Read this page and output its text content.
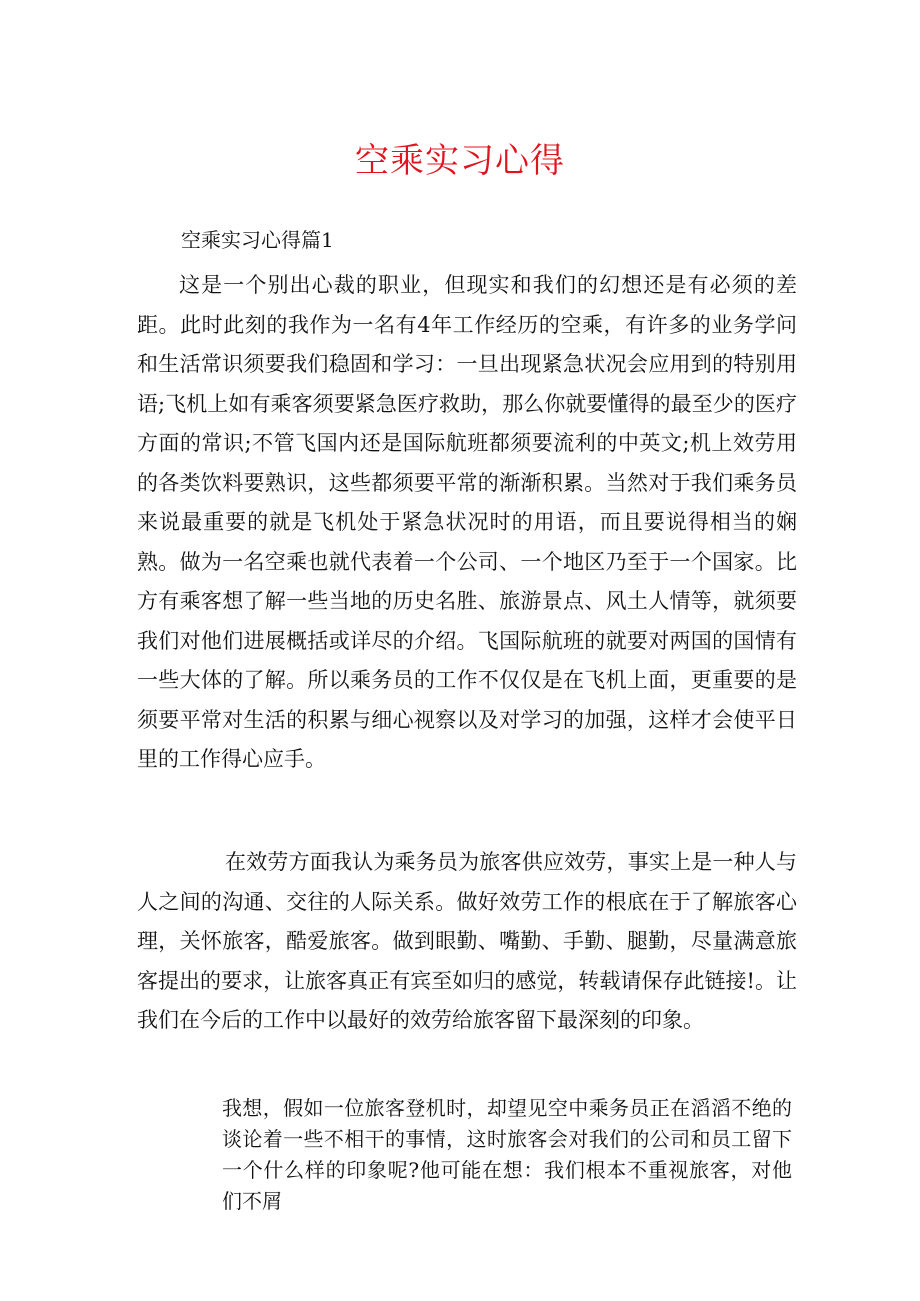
空乘实习心得

空乘实习心得篇1

这是一个别出心裁的职业，但现实和我们的幻想还是有必须的差距。此时此刻的我作为一名有4年工作经历的空乘，有许多的业务学问和生活常识须要我们稳固和学习：一旦出现紧急状况会应用到的特别用语;飞机上如有乘客须要紧急医疗救助，那么你就要懂得的最至少的医疗方面的常识;不管飞国内还是国际航班都须要流利的中英文;机上效劳用的各类饮料要熟识，这些都须要平常的渐渐积累。当然对于我们乘务员来说最重要的就是飞机处于紧急状况时的用语，而且要说得相当的娴熟。做为一名空乘也就代表着一个公司、一个地区乃至于一个国家。比方有乘客想了解一些当地的历史名胜、旅游景点、风土人情等，就须要我们对他们进展概括或详尽的介绍。飞国际航班的就要对两国的国情有一些大体的了解。所以乘务员的工作不仅仅是在飞机上面，更重要的是须要平常对生活的积累与细心视察以及对学习的加强，这样才会使平日里的工作得心应手。

在效劳方面我认为乘务员为旅客供应效劳，事实上是一种人与人之间的沟通、交往的人际关系。做好效劳工作的根底在于了解旅客心理，关怀旅客，酷爱旅客。做到眼勤、嘴勤、手勤、腿勤，尽量满意旅客提出的要求，让旅客真正有宾至如归的感觉，转载请保存此链接!。让我们在今后的工作中以最好的效劳给旅客留下最深刻的印象。

我想，假如一位旅客登机时，却望见空中乘务员正在滔滔不绝的谈论着一些不相干的事情，这时旅客会对我们的公司和员工留下一个什么样的印象呢?他可能在想：我们根本不重视旅客，对他们不屑
